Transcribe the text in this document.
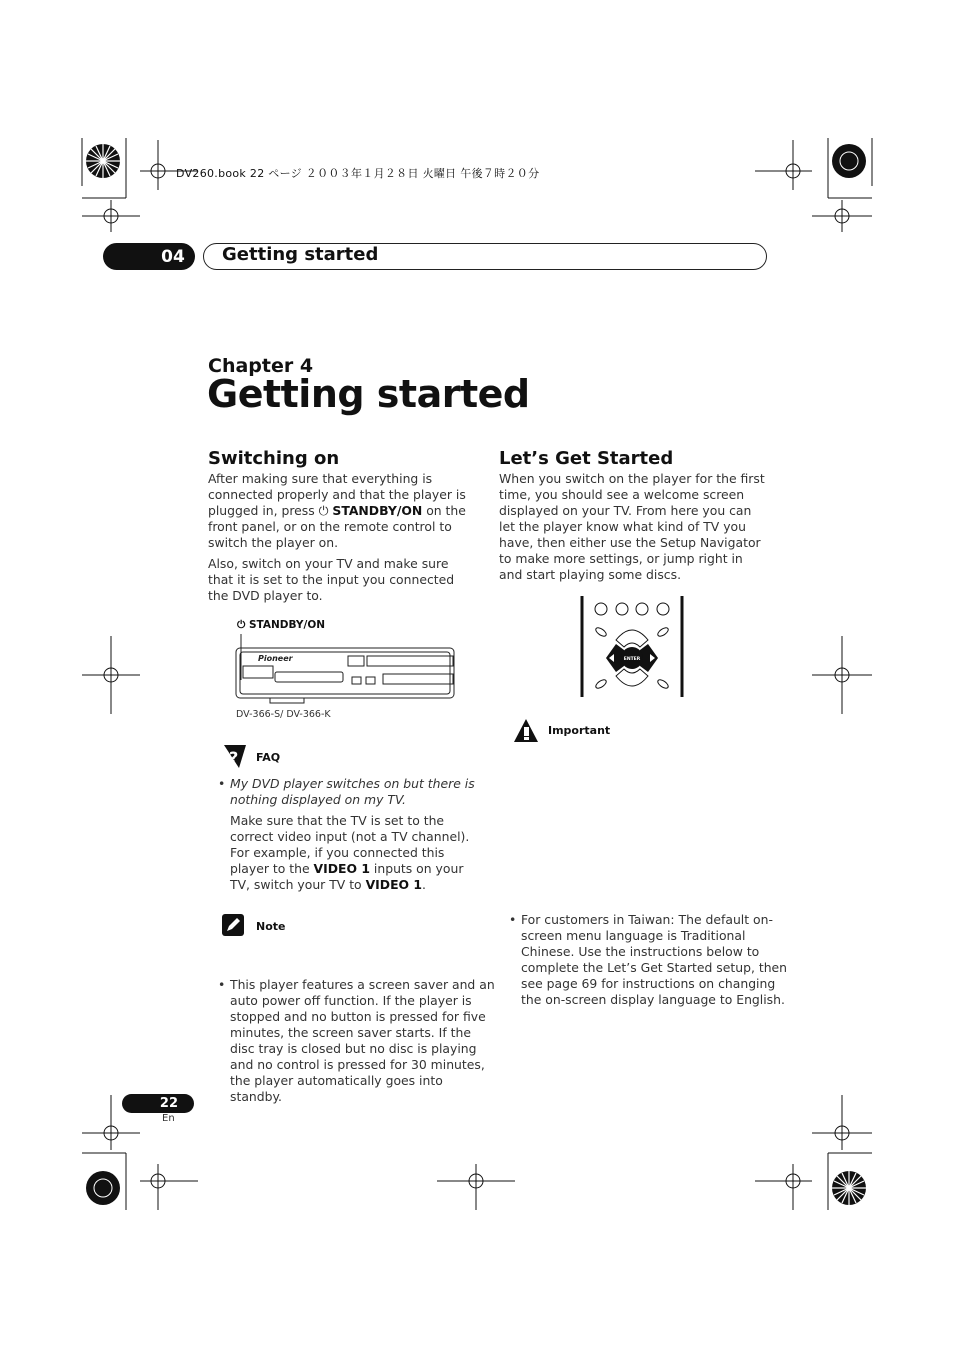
DV260.book 22 ページ ２００３年１月２８日 火曜日 午後７時２０分
04 Getting started
Chapter 4
Getting started
Switching on
After making sure that everything is connected properly and that the player is plugged in, press ⏻ STANDBY/ON on the front panel, or on the remote control to switch the player on.
Also, switch on your TV and make sure that it is set to the input you connected the DVD player to.
⏻ STANDBY/ON
Pioneer
DV-366-S/ DV-366-K
? FAQ
• My DVD player switches on but there is nothing displayed on my TV.
Make sure that the TV is set to the correct video input (not a TV channel). For example, if you connected this player to the VIDEO 1 inputs on your TV, switch your TV to VIDEO 1.
Note
• This player features a screen saver and an auto power off function. If the player is stopped and no button is pressed for five minutes, the screen saver starts. If the disc tray is closed but no disc is playing and no control is pressed for 30 minutes, the player automatically goes into standby.
Let’s Get Started
When you switch on the player for the first time, you should see a welcome screen displayed on your TV. From here you can let the player know what kind of TV you have, then either use the Setup Navigator to make more settings, or jump right in and start playing some discs.
ENTER
Important
• For customers in Taiwan: The default on-screen menu language is Traditional Chinese. Use the instructions below to complete the Let’s Get Started setup, then see page 69 for instructions on changing the on-screen display language to English.
22
En
